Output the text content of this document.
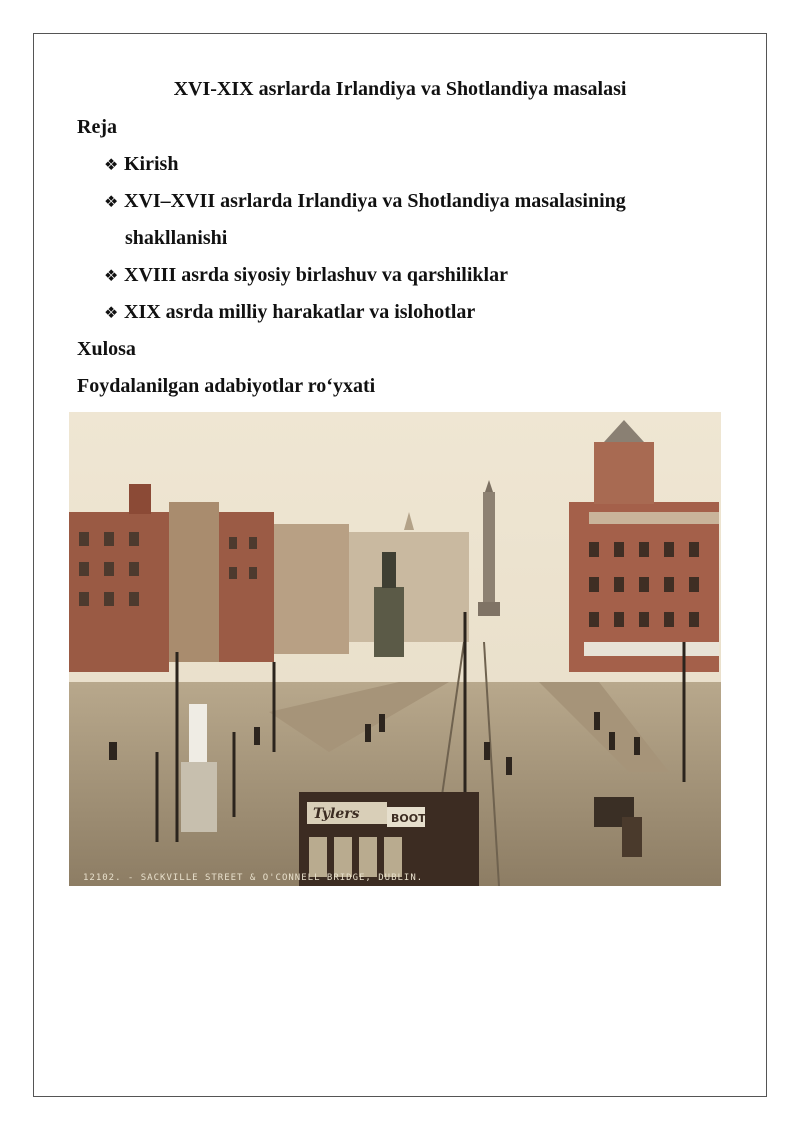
XVI-XIX asrlarda Irlandiya va Shotlandiya masalasi
Reja
❖ Kirish
❖ XVI–XVII asrlarda Irlandiya va Shotlandiya masalasining
shakllanishi
❖ XVIII asrda siyosiy birlashuv va qarshiliklar
❖ XIX asrda milliy harakatlar va islohotlar
Xulosa
Foydalanilgan adabiyotlar ro‘yxati
Tylers	BOOTS
12102. - SACKVILLE STREET & O'CONNELL BRIDGE, DUBLIN.
